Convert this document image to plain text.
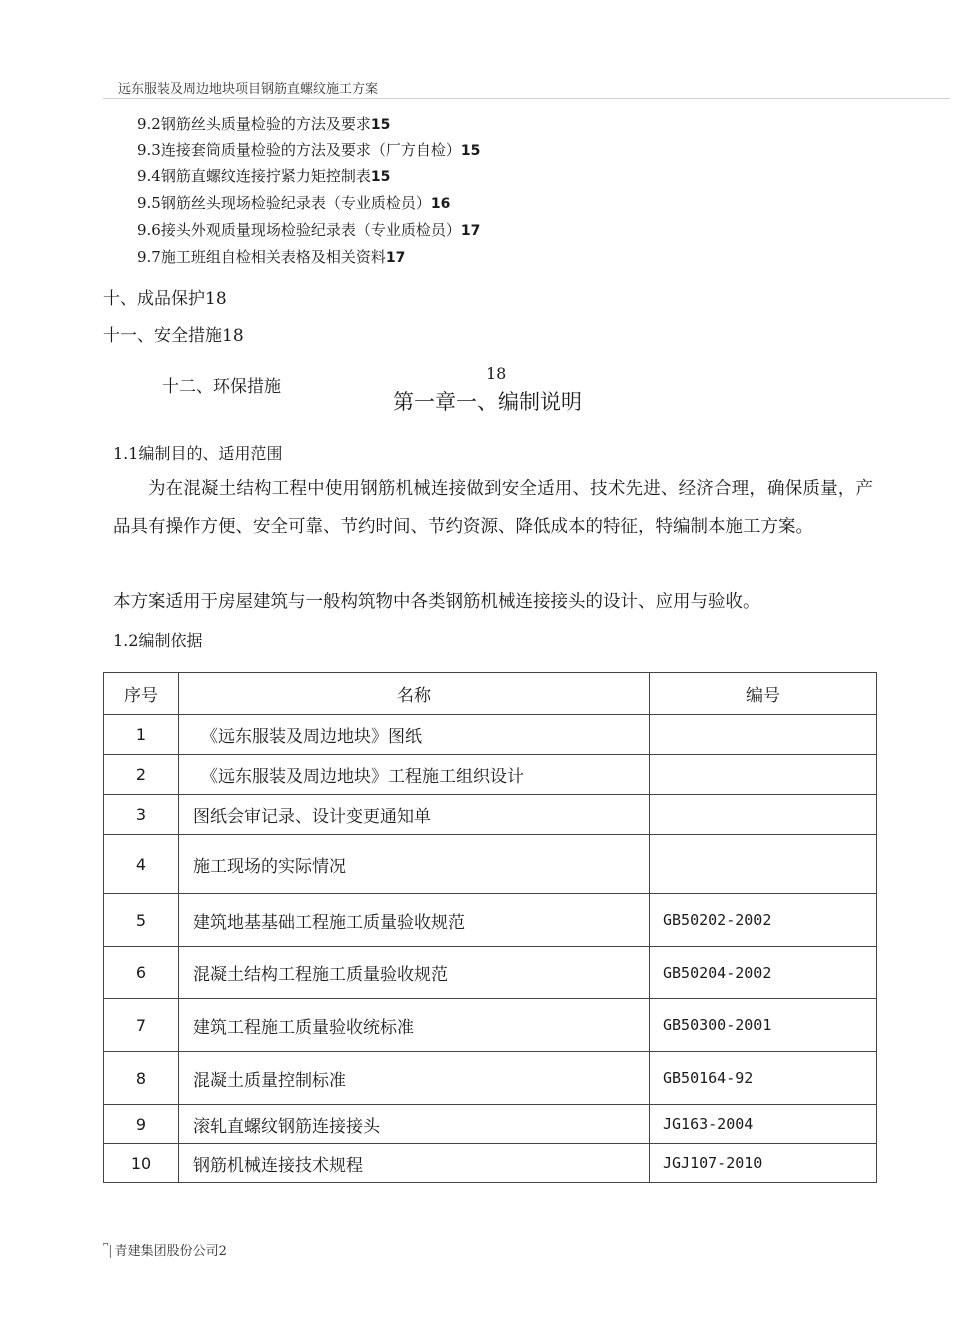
远东服装及周边地块项目钢筋直螺纹施工方案
9.2钢筋丝头质量检验的方法及要求15
9.3连接套筒质量检验的方法及要求（厂方自检）15
9.4钢筋直螺纹连接拧紧力矩控制表15
9.5钢筋丝头现场检验纪录表（专业质检员）16
9.6接头外观质量现场检验纪录表（专业质检员）17
9.7施工班组自检相关表格及相关资料17
十、成品保护18
十一、安全措施18
十二、环保措施
18
第一章一、编制说明
1.1编制目的、适用范围
为在混凝土结构工程中使用钢筋机械连接做到安全适用、技术先进、经济合理，确保质量，产品具有操作方便、安全可靠、节约时间、节约资源、降低成本的特征，特编制本施工方案。
本方案适用于房屋建筑与一般构筑物中各类钢筋机械连接接头的设计、应用与验收。
1.2编制依据
序号	名称	编号
1	《远东服装及周边地块》图纸	
2	《远东服装及周边地块》工程施工组织设计	
3	图纸会审记录、设计变更通知单	
4	施工现场的实际情况	
5	建筑地基基础工程施工质量验收规范	GB50202-2002
6	混凝土结构工程施工质量验收规范	GB50204-2002
7	建筑工程施工质量验收统标准	GB50300-2001
8	混凝土质量控制标准	GB50164-92
9	滚轧直螺纹钢筋连接接头	JG163-2004
10	钢筋机械连接技术规程	JGJ107-2010
⎴| 青建集团股份公司2
